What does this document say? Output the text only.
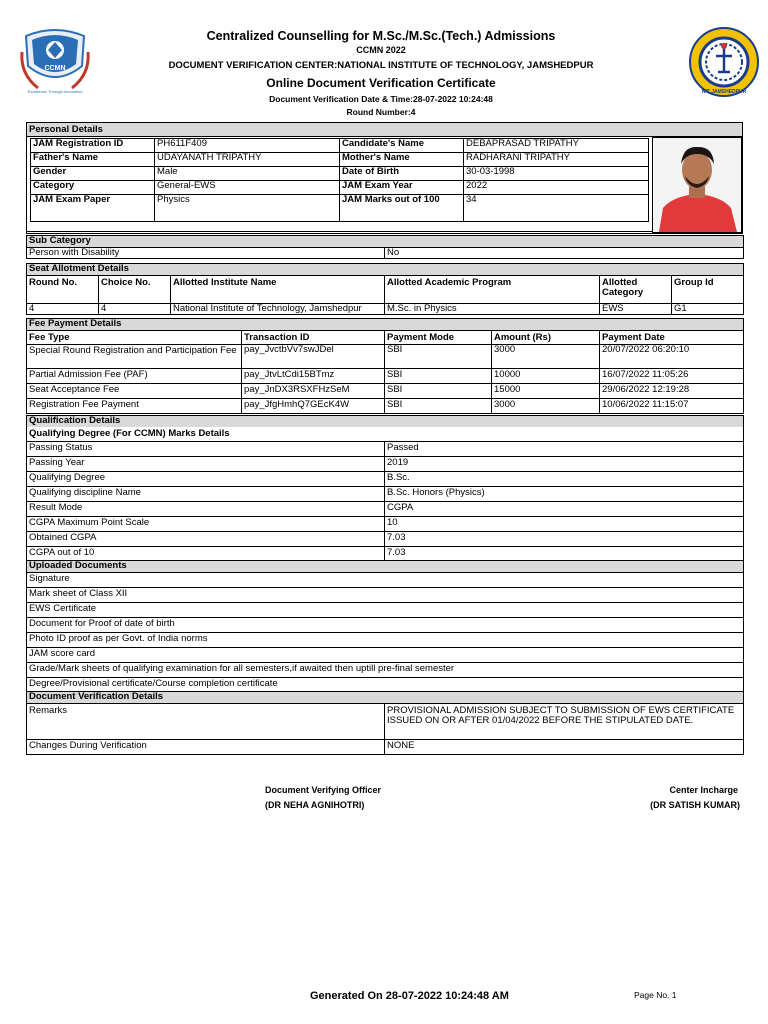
CCMN
Excellence Through Innovation	NIT JAMSHEDPUR
Centralized Counselling for M.Sc./M.Sc.(Tech.) Admissions
CCMN 2022
DOCUMENT VERIFICATION CENTER:NATIONAL INSTITUTE OF TECHNOLOGY, JAMSHEDPUR
Online Document Verification Certificate
Document Verification Date & Time:28-07-2022 10:24:48
Round Number:4
Personal Details
JAM Registration ID	PH611F409	Candidate's Name	DEBAPRASAD TRIPATHY
Father's Name	UDAYANATH TRIPATHY	Mother's Name	RADHARANI TRIPATHY
Gender	Male	Date of Birth	30-03-1998
Category	General-EWS	JAM Exam Year	2022
JAM Exam Paper	Physics	JAM Marks out of 100	34
Sub Category
Person with Disability	No
Seat Allotment Details					
Round No.	Choice No.	Allotted Institute Name	Allotted Academic Program	Allotted Category	Group Id
4	4	National Institute of Technology, Jamshedpur	M.Sc. in Physics	EWS	G1
Fee Payment Details				
Fee Type	Transaction ID	Payment Mode	Amount (Rs)	Payment Date
Special Round Registration and Participation Fee	pay_JvctbVv7swJDel	SBI	3000	20/07/2022 06:20:10
Partial Admission Fee (PAF)	pay_JtvLtCdi15BTmz	SBI	10000	16/07/2022 11:05:26
Seat Acceptance Fee	pay_JnDX3RSXFHzSeM	SBI	15000	29/06/2022 12:19:28
Registration Fee Payment	pay_JfgHmhQ7GEcK4W	SBI	3000	10/06/2022 11:15:07
Qualification Details	
Qualifying Degree (For CCMN) Marks Details	
Passing Status	Passed
Passing Year	2019
Qualifying Degree	B.Sc.
Qualifying discipline Name	B.Sc. Honors (Physics)
Result Mode	CGPA
CGPA Maximum Point Scale	10
Obtained CGPA	7.03
CGPA out of 10	7.03
Uploaded Documents
Signature
Mark sheet of Class XII
EWS Certificate
Document for Proof of date of birth
Photo ID proof as per Govt. of India norms
JAM score card
Grade/Mark sheets of qualifying examination for all semesters,if awaited then uptill pre-final semester
Degree/Provisional certificate/Course completion certificate
Document Verification Details	
Remarks	PROVISIONAL ADMISSION SUBJECT TO SUBMISSION OF EWS CERTIFICATE ISSUED ON OR AFTER 01/04/2022 BEFORE THE STIPULATED DATE.
Changes During Verification	NONE
Document Verifying Officer
(DR NEHA AGNIHOTRI)
Center Incharge
(DR SATISH KUMAR)
Generated On 28-07-2022 10:24:48 AM	Page No. 1
